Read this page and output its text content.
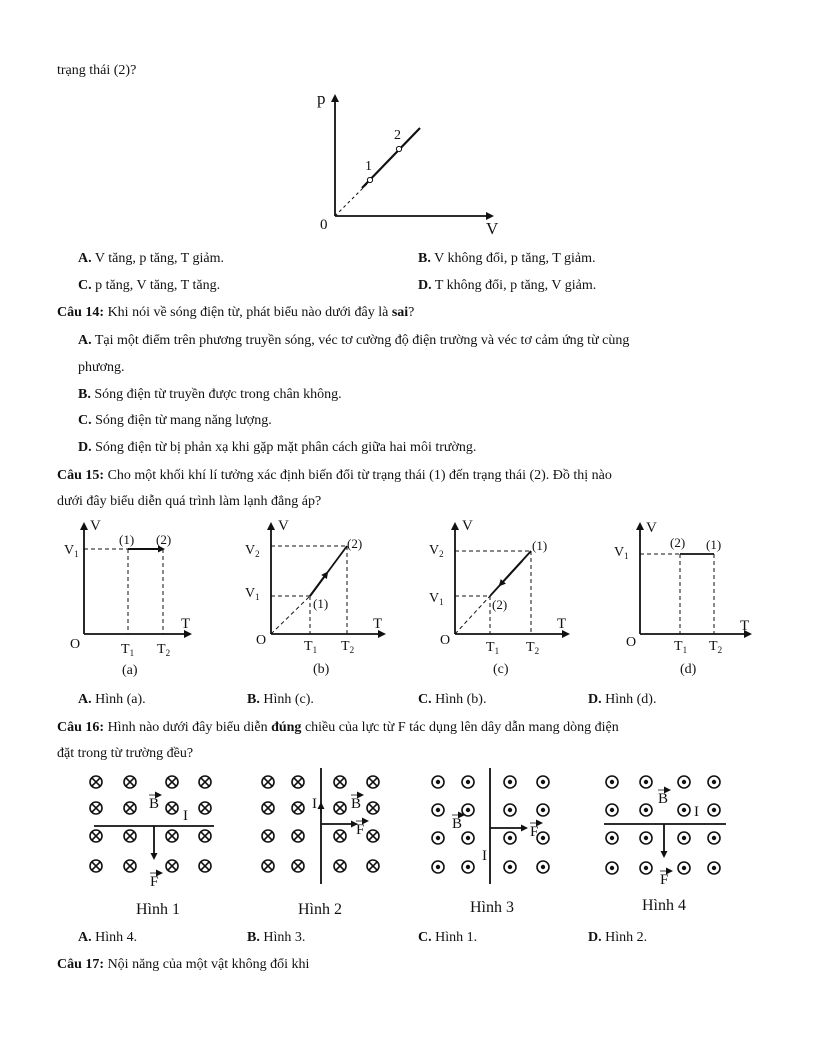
trạng thái (2)?
p
V
0
1
2
A. V tăng, p tăng, T giảm.	B. V không đổi, p tăng, T giảm.
C. p tăng, V tăng, T tăng.	D. T không đổi, p tăng, V giảm.
Câu 14: Khi nói về sóng điện từ, phát biểu nào dưới đây là sai?
A. Tại một điểm trên phương truyền sóng, véc tơ cường độ điện trường và véc tơ cảm ứng từ cùng
phương.
B. Sóng điện từ truyền được trong chân không.
C. Sóng điện từ mang năng lượng.
D. Sóng điện từ bị phản xạ khi gặp mặt phân cách giữa hai môi trường.
Câu 15: Cho một khối khí lí tưởng xác định biến đổi từ trạng thái (1) đến trạng thái (2). Đồ thị nào
dưới đây biểu diễn quá trình làm lạnh đẳng áp?
V
T
O
$V_1$
$T_1$ $T_2$
(1) (2)
(a)
V
T
O
$V_2$
$V_1$
$T_1$ $T_2$
(1)
(2)
(b)
V
T
O
$V_2$
$V_1$
$T_1$ $T_2$
(1)
(2)
(c)
V
T
O
$V_1$
$T_1$ $T_2$
(2) (1)
(d)
A. Hình (a).	B. Hình (c).	C. Hình (b).	D. Hình (d).
Câu 16: Hình nào dưới đây biểu diễn đúng chiều của lực từ F tác dụng lên dây dẫn mang dòng điện
đặt trong từ trường đều?
B
I
F
Hình 1
I B
F
Hình 2
B
I
F
Hình 3
B
I
F
Hình 4
A. Hình 4.	B. Hình 3.	C. Hình 1.	D. Hình 2.
Câu 17: Nội năng của một vật không đổi khi
